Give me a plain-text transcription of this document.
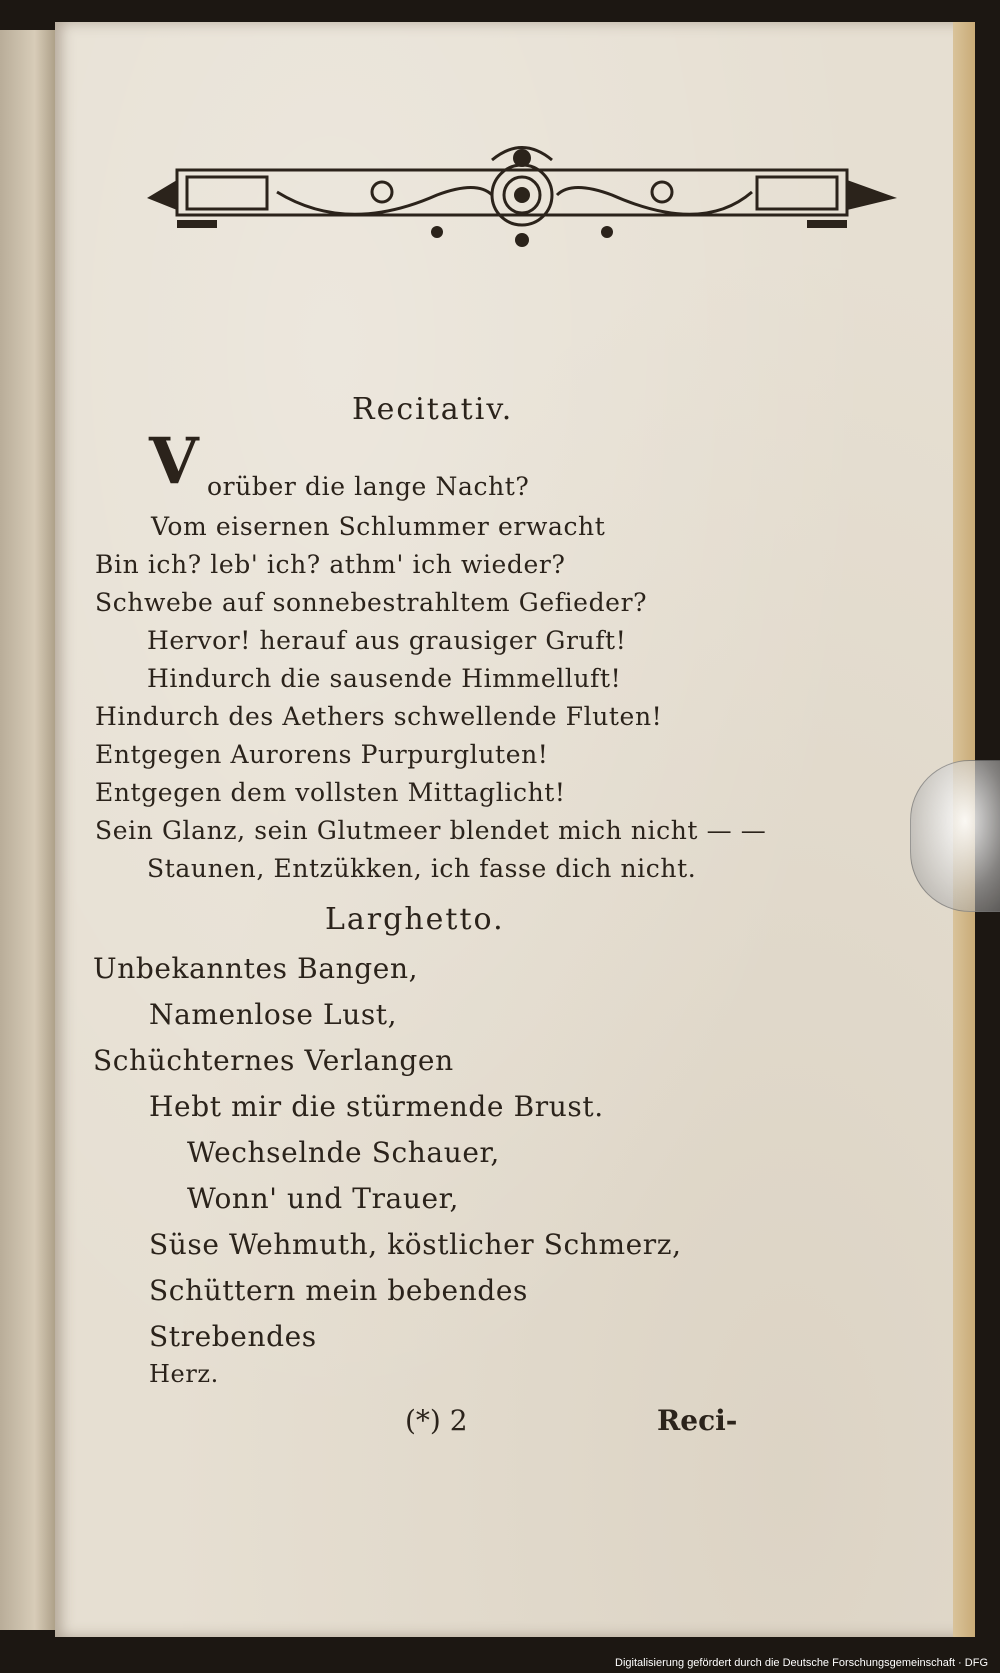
Recitativ.
V orüber die lange Nacht?
Vom eisernen Schlummer erwacht
Bin ich? leb' ich? athm' ich wieder?
Schwebe auf sonnebestrahltem Gefieder?
Hervor! herauf aus grausiger Gruft!
Hindurch die sausende Himmelluft!
Hindurch des Aethers schwellende Fluten!
Entgegen Aurorens Purpurgluten!
Entgegen dem vollsten Mittaglicht!
Sein Glanz, sein Glutmeer blendet mich nicht — —
Staunen, Entzükken, ich fasse dich nicht.
Larghetto.
Unbekanntes Bangen,
Namenlose Lust,
Schüchternes Verlangen
Hebt mir die stürmende Brust.
Wechselnde Schauer,
Wonn' und Trauer,
Süse Wehmuth, köstlicher Schmerz,
Schüttern mein bebendes
Strebendes
Herz.
(*) 2	Reci-
Digitalisierung gefördert durch die Deutsche Forschungsgemeinschaft · DFG
